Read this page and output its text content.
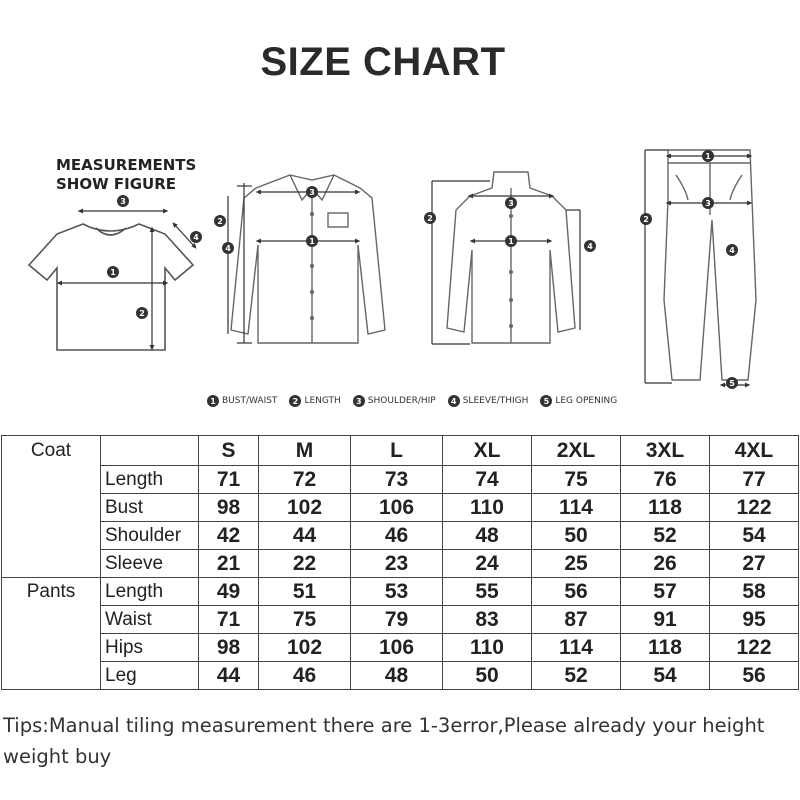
SIZE CHART
MEASUREMENTS
SHOW FIGURE
3
1
2
4
3
1
2
4
3
1
2
4
1
3
2
4
5
1 BUST/WAIST	2 LENGTH	3 SHOULDER/HIP	4 SLEEVE/THIGH	5 LEG OPENING
Coat		S	M	L	XL	2XL	3XL	4XL
	Length	71	72	73	74	75	76	77
	Bust	98	102	106	110	114	118	122
	Shoulder	42	44	46	48	50	52	54
	Sleeve	21	22	23	24	25	26	27
Pants	Length	49	51	53	55	56	57	58
	Waist	71	75	79	83	87	91	95
	Hips	98	102	106	110	114	118	122
	Leg	44	46	48	50	52	54	56
Tips:Manual tiling measurement there are 1-3error,Please already your height weight buy
